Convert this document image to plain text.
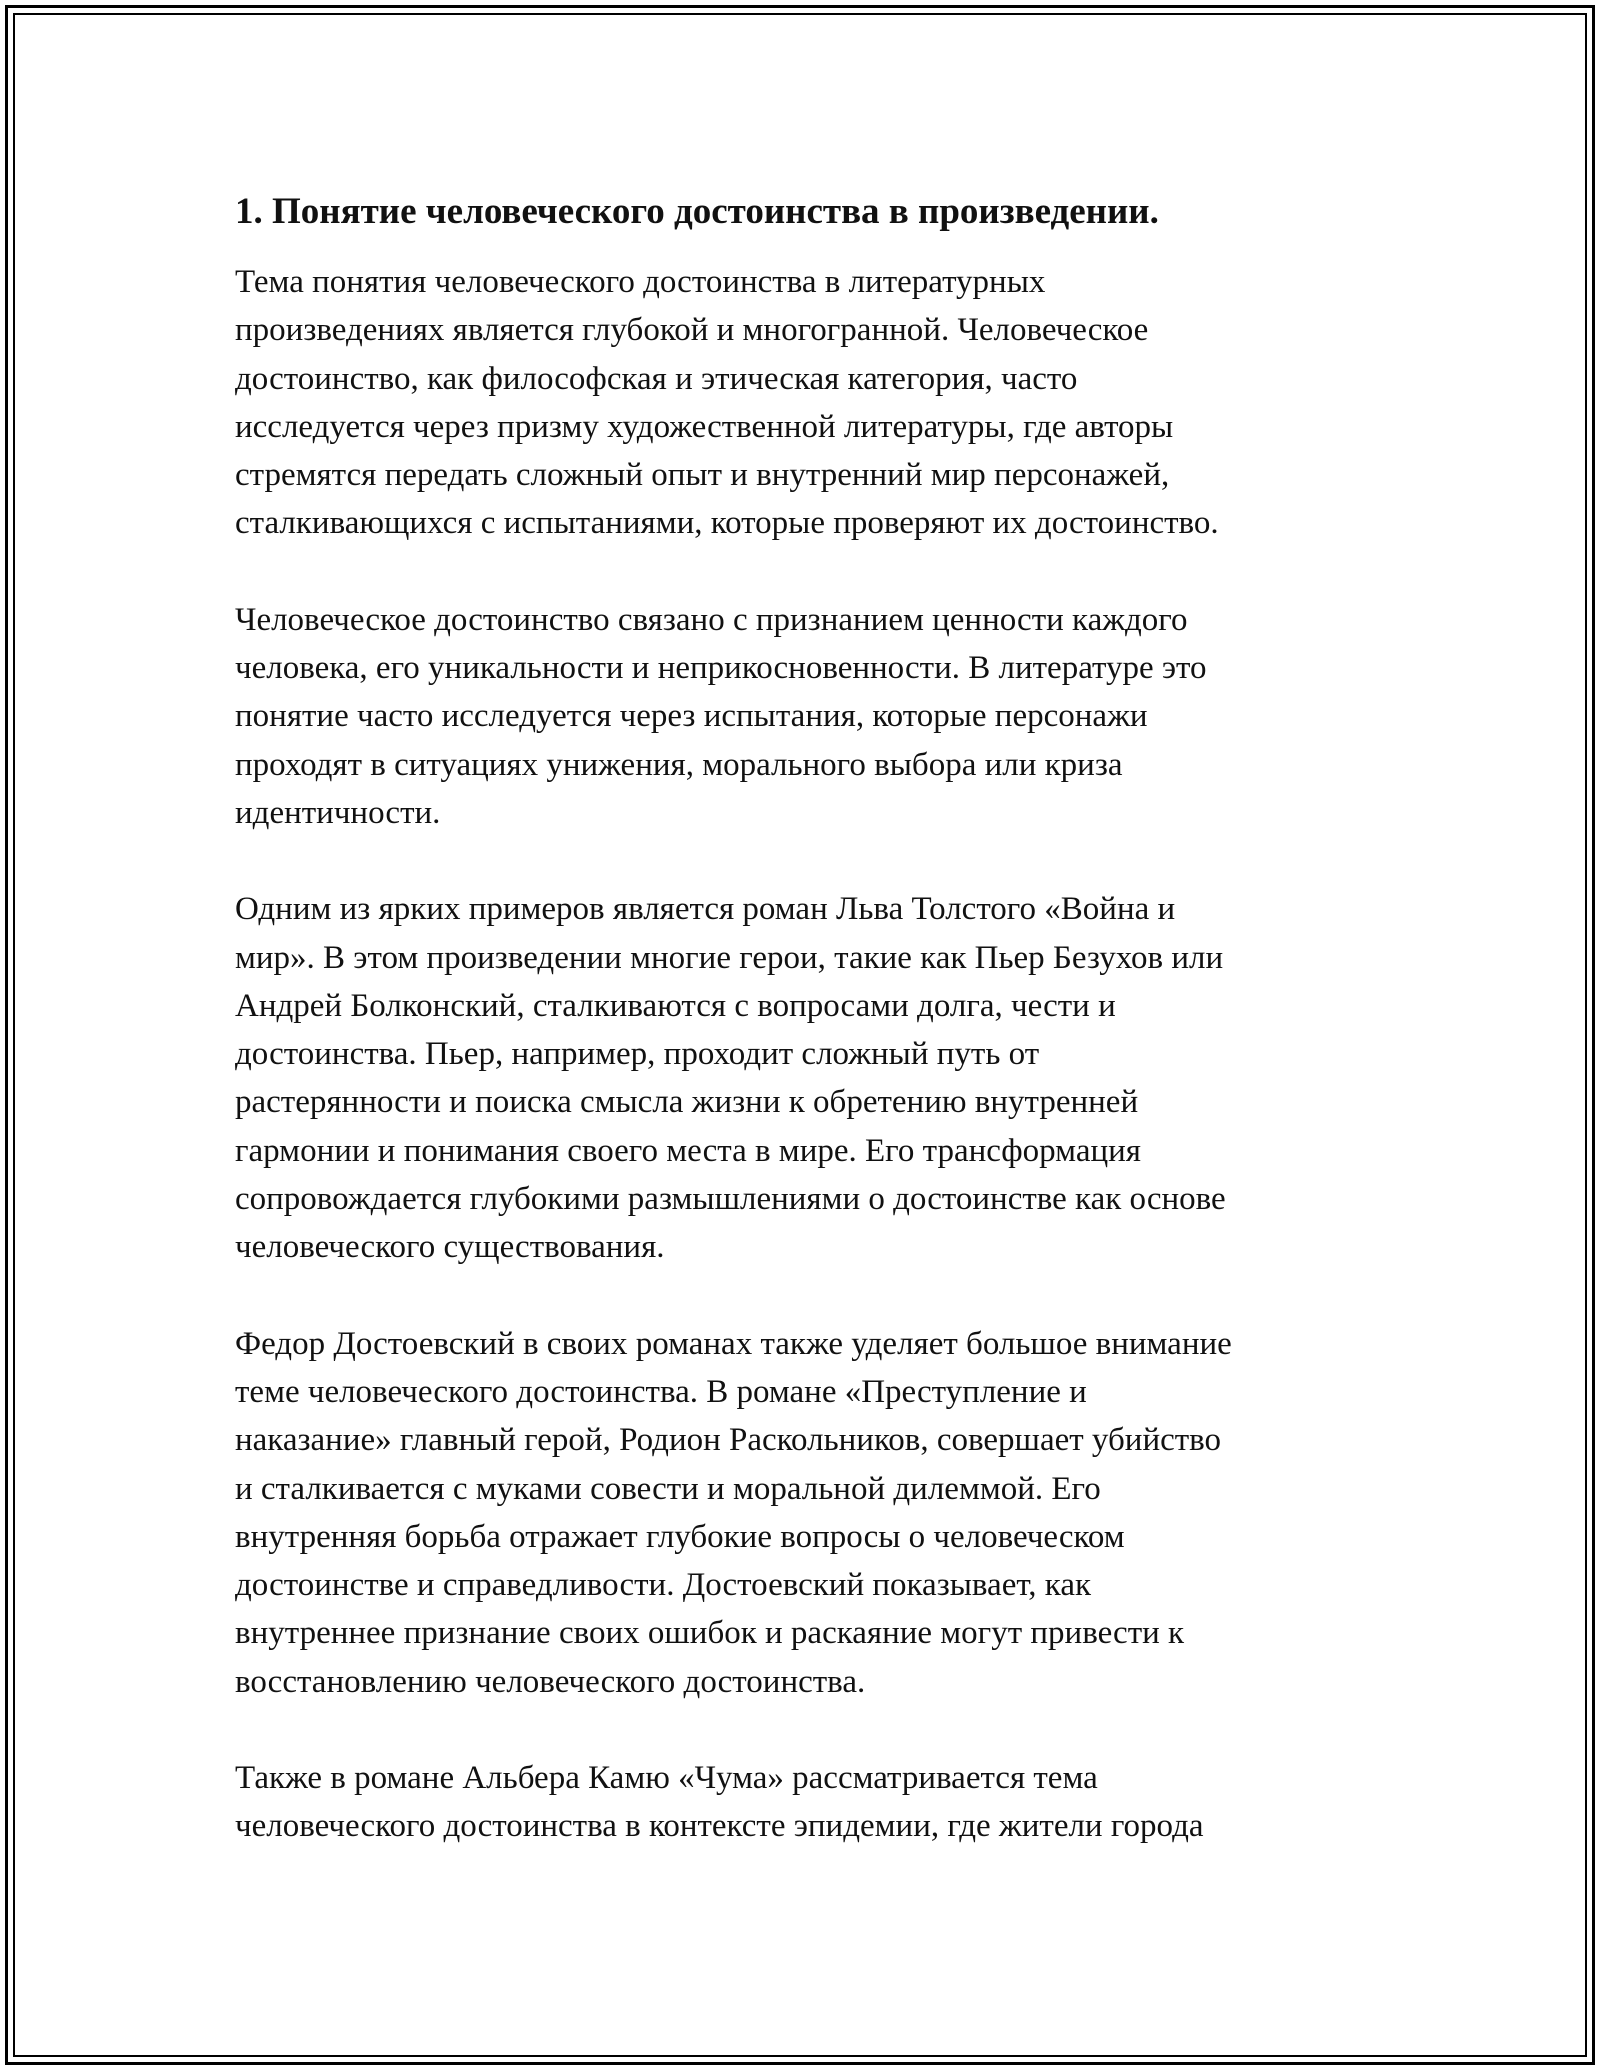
1. Понятие человеческого достоинства в произведении.
Тема понятия человеческого достоинства в литературных
произведениях является глубокой и многогранной. Человеческое
достоинство, как философская и этическая категория, часто
исследуется через призму художественной литературы, где авторы
стремятся передать сложный опыт и внутренний мир персонажей,
сталкивающихся с испытаниями, которые проверяют их достоинство.
Человеческое достоинство связано с признанием ценности каждого
человека, его уникальности и неприкосновенности. В литературе это
понятие часто исследуется через испытания, которые персонажи
проходят в ситуациях унижения, морального выбора или криза
идентичности.
Одним из ярких примеров является роман Льва Толстого «Война и
мир». В этом произведении многие герои, такие как Пьер Безухов или
Андрей Болконский, сталкиваются с вопросами долга, чести и
достоинства. Пьер, например, проходит сложный путь от
растерянности и поиска смысла жизни к обретению внутренней
гармонии и понимания своего места в мире. Его трансформация
сопровождается глубокими размышлениями о достоинстве как основе
человеческого существования.
Федор Достоевский в своих романах также уделяет большое внимание
теме человеческого достоинства. В романе «Преступление и
наказание» главный герой, Родион Раскольников, совершает убийство
и сталкивается с муками совести и моральной дилеммой. Его
внутренняя борьба отражает глубокие вопросы о человеческом
достоинстве и справедливости. Достоевский показывает, как
внутреннее признание своих ошибок и раскаяние могут привести к
восстановлению человеческого достоинства.
Также в романе Альбера Камю «Чума» рассматривается тема
человеческого достоинства в контексте эпидемии, где жители города
